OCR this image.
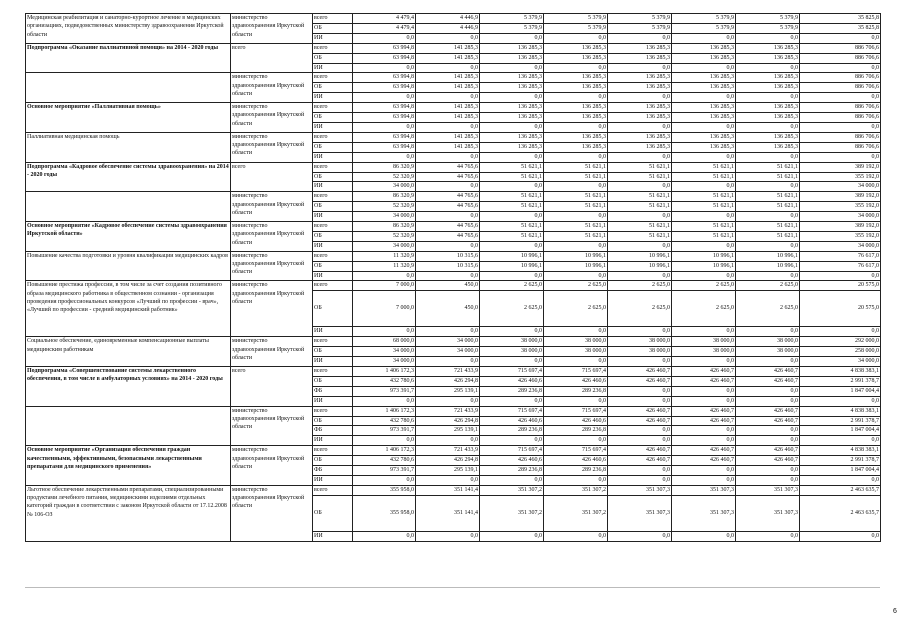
Медицинская реабилитация и санаторно-курортное лечение в медицинских организациях, подведомственных министерству здравоохранения Иркутской области	министерство здравоохранения Иркутской области	всего	4 479,4	4 446,9	5 379,9	5 379,9	5 379,9	5 379,9	5 379,9	35 825,8
		ОБ	4 479,4	4 446,9	5 379,9	5 379,9	5 379,9	5 379,9	5 379,9	35 825,8
		ИИ	0,0	0,0	0,0	0,0	0,0	0,0	0,0	0,0
Подпрограмма «Оказание паллиативной помощи» на 2014 - 2020 годы	всего	всего	63 994,8	141 285,3	136 285,3	136 285,3	136 285,3	136 285,3	136 285,3	886 706,6
		ОБ	63 994,8	141 285,3	136 285,3	136 285,3	136 285,3	136 285,3	136 285,3	886 706,6
		ИИ	0,0	0,0	0,0	0,0	0,0	0,0	0,0	0,0
	министерство здравоохранения Иркутской области	всего	63 994,8	141 285,3	136 285,3	136 285,3	136 285,3	136 285,3	136 285,3	886 706,6
		ОБ	63 994,8	141 285,3	136 285,3	136 285,3	136 285,3	136 285,3	136 285,3	886 706,6
		ИИ	0,0	0,0	0,0	0,0	0,0	0,0	0,0	0,0
Основное мероприятие «Паллиативная помощь»	министерство здравоохранения Иркутской области	всего	63 994,8	141 285,3	136 285,3	136 285,3	136 285,3	136 285,3	136 285,3	886 706,6
		ОБ	63 994,8	141 285,3	136 285,3	136 285,3	136 285,3	136 285,3	136 285,3	886 706,6
		ИИ	0,0	0,0	0,0	0,0	0,0	0,0	0,0	0,0
Паллиативная медицинская помощь	министерство здравоохранения Иркутской области	всего	63 994,8	141 285,3	136 285,3	136 285,3	136 285,3	136 285,3	136 285,3	886 706,6
		ОБ	63 994,8	141 285,3	136 285,3	136 285,3	136 285,3	136 285,3	136 285,3	886 706,6
		ИИ	0,0	0,0	0,0	0,0	0,0	0,0	0,0	0,0
Подпрограмма «Кадровое обеспечение системы здравоохранения» на 2014 - 2020 годы	всего	всего	86 320,9	44 765,6	51 621,1	51 621,1	51 621,1	51 621,1	51 621,1	389 192,0
		ОБ	52 320,9	44 765,6	51 621,1	51 621,1	51 621,1	51 621,1	51 621,1	355 192,0
		ИИ	34 000,0	0,0	0,0	0,0	0,0	0,0	0,0	34 000,0
	министерство здравоохранения Иркутской области	всего	86 320,9	44 765,6	51 621,1	51 621,1	51 621,1	51 621,1	51 621,1	389 192,0
		ОБ	52 320,9	44 765,6	51 621,1	51 621,1	51 621,1	51 621,1	51 621,1	355 192,0
		ИИ	34 000,0	0,0	0,0	0,0	0,0	0,0	0,0	34 000,0
Основное мероприятие «Кадровое обеспечение системы здравоохранения Иркутской области»	министерство здравоохранения Иркутской области	всего	86 320,9	44 765,6	51 621,1	51 621,1	51 621,1	51 621,1	51 621,1	389 192,0
		ОБ	52 320,9	44 765,6	51 621,1	51 621,1	51 621,1	51 621,1	51 621,1	355 192,0
		ИИ	34 000,0	0,0	0,0	0,0	0,0	0,0	0,0	34 000,0
Повышение качества подготовки и уровня квалификации медицинских кадров	министерство здравоохранения Иркутской области	всего	11 320,9	10 315,6	10 996,1	10 996,1	10 996,1	10 996,1	10 996,1	76 617,0
		ОБ	11 320,9	10 315,6	10 996,1	10 996,1	10 996,1	10 996,1	10 996,1	76 617,0
		ИИ	0,0	0,0	0,0	0,0	0,0	0,0	0,0	0,0
Повышение престижа профессии, в том числе за счет создания позитивного образа медицинского работника в общественном сознании - организация проведения профессиональных конкурсов «Лучший по профессии - врач», «Лучший по профессии - средний медицинский работник»	министерство здравоохранения Иркутской области	всего	7 000,0	450,0	2 625,0	2 625,0	2 625,0	2 625,0	2 625,0	20 575,0
		ОБ	7 000,0	450,0	2 625,0	2 625,0	2 625,0	2 625,0	2 625,0	20 575,0
		ИИ	0,0	0,0	0,0	0,0	0,0	0,0	0,0	0,0
Социальное обеспечение, единовременные компенсационные выплаты медицинским работникам	министерство здравоохранения Иркутской области	всего	68 000,0	34 000,0	38 000,0	38 000,0	38 000,0	38 000,0	38 000,0	292 000,0
		ОБ	34 000,0	34 000,0	38 000,0	38 000,0	38 000,0	38 000,0	38 000,0	258 000,0
		ИИ	34 000,0	0,0	0,0	0,0	0,0	0,0	0,0	34 000,0
Подпрограмма «Совершенствование системы лекарственного обеспечения, в том числе в амбулаторных условиях» на 2014 - 2020 годы	всего	всего	1 406 172,3	721 433,9	715 697,4	715 697,4	426 460,7	426 460,7	426 460,7	4 838 383,1
		ОБ	432 780,6	426 294,8	426 460,6	426 460,6	426 460,7	426 460,7	426 460,7	2 991 378,7
		ФБ	973 391,7	295 139,1	289 236,8	289 236,8	0,0	0,0	0,0	1 847 004,4
		ИИ	0,0	0,0	0,0	0,0	0,0	0,0	0,0	0,0
	министерство здравоохранения Иркутской области	всего	1 406 172,3	721 433,9	715 697,4	715 697,4	426 460,7	426 460,7	426 460,7	4 838 383,1
		ОБ	432 780,6	426 294,8	426 460,6	426 460,6	426 460,7	426 460,7	426 460,7	2 991 378,7
		ФБ	973 391,7	295 139,1	289 236,8	289 236,8	0,0	0,0	0,0	1 847 004,4
		ИИ	0,0	0,0	0,0	0,0	0,0	0,0	0,0	0,0
Основное мероприятие «Организация обеспечения граждан качественными, эффективными, безопасными лекарственными препаратами для медицинского применения»	министерство здравоохранения Иркутской области	всего	1 406 172,3	721 433,9	715 697,4	715 697,4	426 460,7	426 460,7	426 460,7	4 838 383,1
		ОБ	432 780,6	426 294,8	426 460,6	426 460,6	426 460,7	426 460,7	426 460,7	2 991 378,7
		ФБ	973 391,7	295 139,1	289 236,8	289 236,8	0,0	0,0	0,0	1 847 004,4
		ИИ	0,0	0,0	0,0	0,0	0,0	0,0	0,0	0,0
Льготное обеспечение лекарственными препаратами, специализированными продуктами лечебного питания, медицинскими изделиями отдельных категорий граждан в соответствии с законом Иркутской области от 17.12.2008 № 106-ОЗ	министерство здравоохранения Иркутской области	всего	355 958,0	351 141,4	351 307,2	351 307,2	351 307,3	351 307,3	351 307,3	2 463 635,7
		ОБ	355 958,0	351 141,4	351 307,2	351 307,2	351 307,3	351 307,3	351 307,3	2 463 635,7
		ИИ	0,0	0,0	0,0	0,0	0,0	0,0	0,0	0,0
6
